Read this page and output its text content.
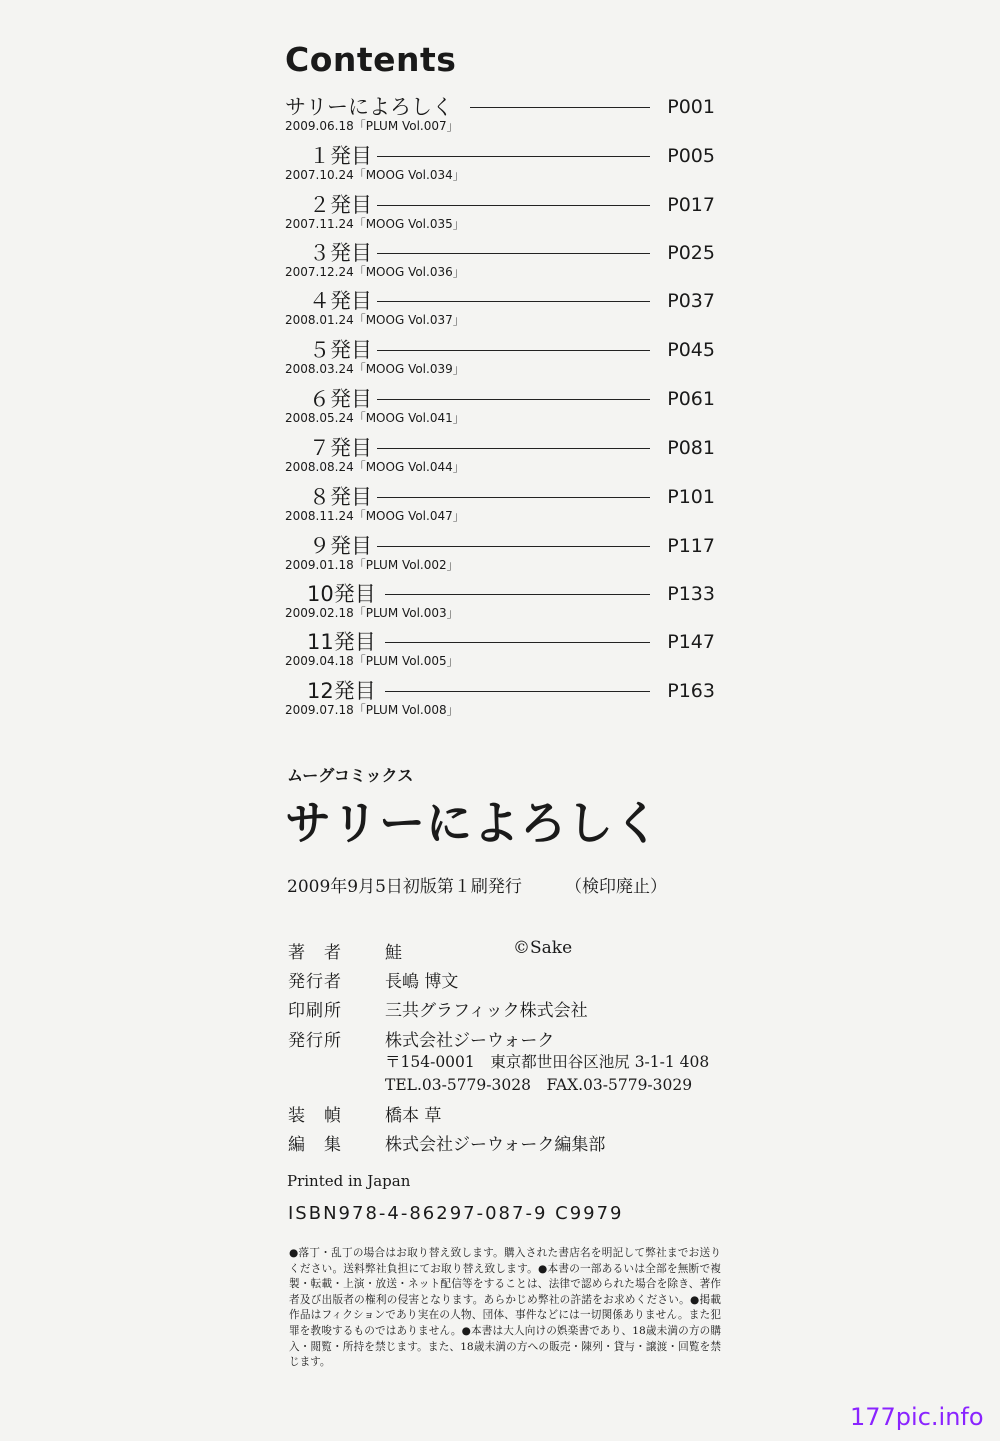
Contents
サリーによろしく	P001
2009.06.18「PLUM Vol.007」
１発目	P005
2007.10.24「MOOG Vol.034」
２発目	P017
2007.11.24「MOOG Vol.035」
３発目	P025
2007.12.24「MOOG Vol.036」
４発目	P037
2008.01.24「MOOG Vol.037」
５発目	P045
2008.03.24「MOOG Vol.039」
６発目	P061
2008.05.24「MOOG Vol.041」
７発目	P081
2008.08.24「MOOG Vol.044」
８発目	P101
2008.11.24「MOOG Vol.047」
９発目	P117
2009.01.18「PLUM Vol.002」
10発目	P133
2009.02.18「PLUM Vol.003」
11発目	P147
2009.04.18「PLUM Vol.005」
12発目	P163
2009.07.18「PLUM Vol.008」
ムーグコミックス
サリーによろしく
2009年9月5日初版第１刷発行	（検印廃止）
著　者	鮭
発行者	長嶋 博文
印刷所	三共グラフィック株式会社
発行所	株式会社ジーウォーク
〒154-0001　東京都世田谷区池尻 3-1-1 408
TEL.03-5779-3028　FAX.03-5779-3029
装　幀	橋本 草
編　集	株式会社ジーウォーク編集部
©Sake
Printed in Japan
ISBN978-4-86297-087-9 C9979
●落丁・乱丁の場合はお取り替え致します。購入された書店名を明記して弊社までお送りください。送料弊社負担にてお取り替え致します。●本書の一部あるいは全部を無断で複製・転載・上演・放送・ネット配信等をすることは、法律で認められた場合を除き、著作者及び出版者の権利の侵害となります。あらかじめ弊社の許諾をお求めください。●掲載作品はフィクションであり実在の人物、団体、事件などには一切関係ありません。また犯罪を教唆するものではありません。●本書は大人向けの娯楽書であり、18歳未満の方の購入・閲覧・所持を禁じます。また、18歳未満の方への販売・陳列・貸与・譲渡・回覧を禁じます。
177pic.info
